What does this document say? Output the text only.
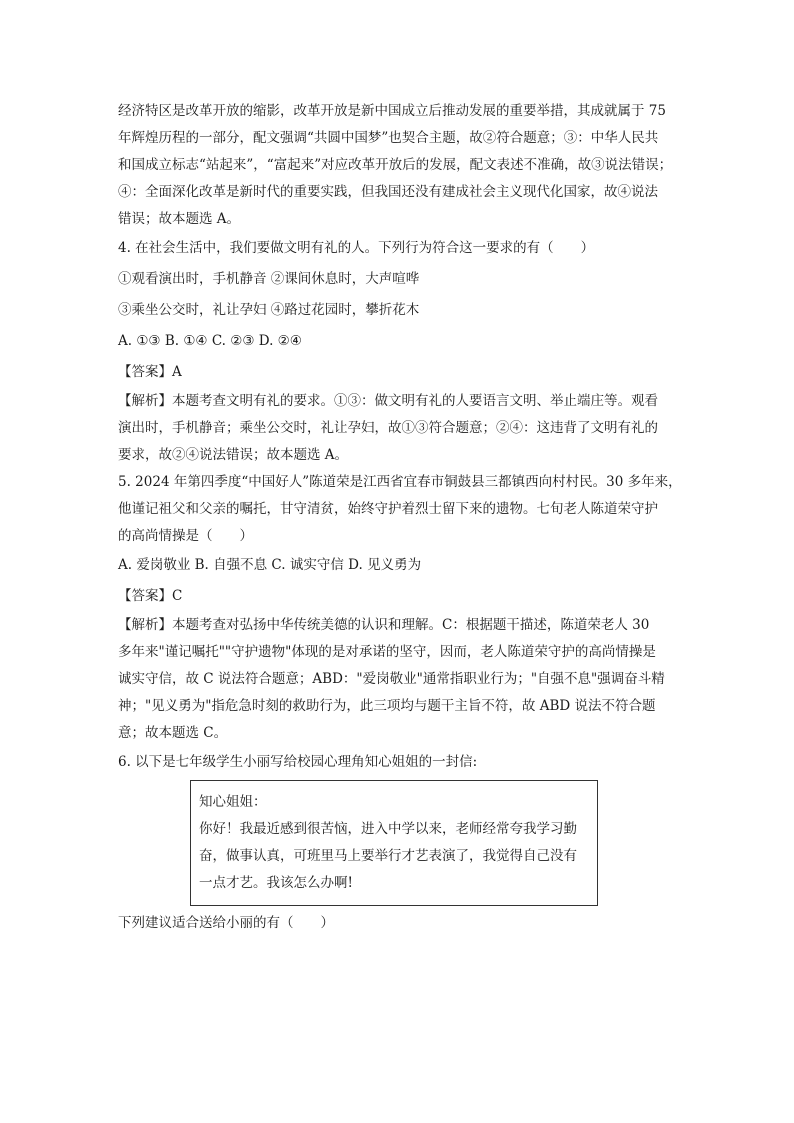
经济特区是改革开放的缩影，改革开放是新中国成立后推动发展的重要举措，其成就属于 75
年辉煌历程的一部分，配文强调“共圆中国梦”也契合主题，故②符合题意；③：中华人民共
和国成立标志“站起来”，“富起来”对应改革开放后的发展，配文表述不准确，故③说法错误；
④：全面深化改革是新时代的重要实践，但我国还没有建成社会主义现代化国家，故④说法
错误；故本题选 A。
4. 在社会生活中，我们要做文明有礼的人。下列行为符合这一要求的有（　　）
①观看演出时，手机静音 ②课间休息时，大声喧哗
③乘坐公交时，礼让孕妇 ④路过花园时，攀折花木
A. ①③ B. ①④ C. ②③ D. ②④
【答案】A
【解析】本题考查文明有礼的要求。①③：做文明有礼的人要语言文明、举止端庄等。观看
演出时，手机静音；乘坐公交时，礼让孕妇，故①③符合题意；②④：这违背了文明有礼的
要求，故②④说法错误；故本题选 A。
5. 2024 年第四季度“中国好人”陈道荣是江西省宜春市铜鼓县三都镇西向村村民。30 多年来，
他谨记祖父和父亲的嘱托，甘守清贫，始终守护着烈士留下来的遗物。七旬老人陈道荣守护
的高尚情操是（　　）
A. 爱岗敬业 B. 自强不息 C. 诚实守信 D. 见义勇为
【答案】C
【解析】本题考查对弘扬中华传统美德的认识和理解。C：根据题干描述，陈道荣老人 30
多年来"谨记嘱托""守护遗物"体现的是对承诺的坚守，因而，老人陈道荣守护的高尚情操是
诚实守信，故 C 说法符合题意；ABD："爱岗敬业"通常指职业行为；"自强不息"强调奋斗精
神；"见义勇为"指危急时刻的救助行为，此三项均与题干主旨不符，故 ABD 说法不符合题
意；故本题选 C。
6. 以下是七年级学生小丽写给校园心理角知心姐姐的一封信:
知心姐姐：
你好！我最近感到很苦恼，进入中学以来，老师经常夸我学习勤
奋，做事认真，可班里马上要举行才艺表演了，我觉得自己没有
一点才艺。我该怎么办啊!
下列建议适合送给小丽的有（　　）
